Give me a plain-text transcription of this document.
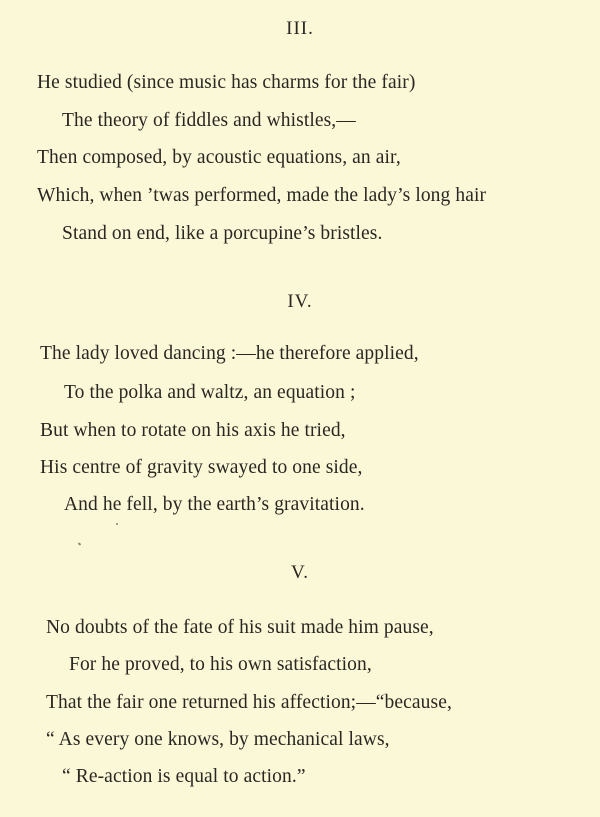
III.

He studied (since music has charms for the fair)

The theory of fiddles and whistles,—

Then composed, by acoustic equations, an air,

Which, when ’twas performed, made the lady’s long hair

Stand on end, like a porcupine’s bristles.

IV.

The lady loved dancing :—he therefore applied,

To the polka and waltz, an equation ;

But when to rotate on his axis he tried,

His centre of gravity swayed to one side,

And he fell, by the earth’s gravitation.

V.

No doubts of the fate of his suit made him pause,

For he proved, to his own satisfaction,

That the fair one returned his affection;—“because,

“ As every one knows, by mechanical laws,

“ Re-action is equal to action.”
